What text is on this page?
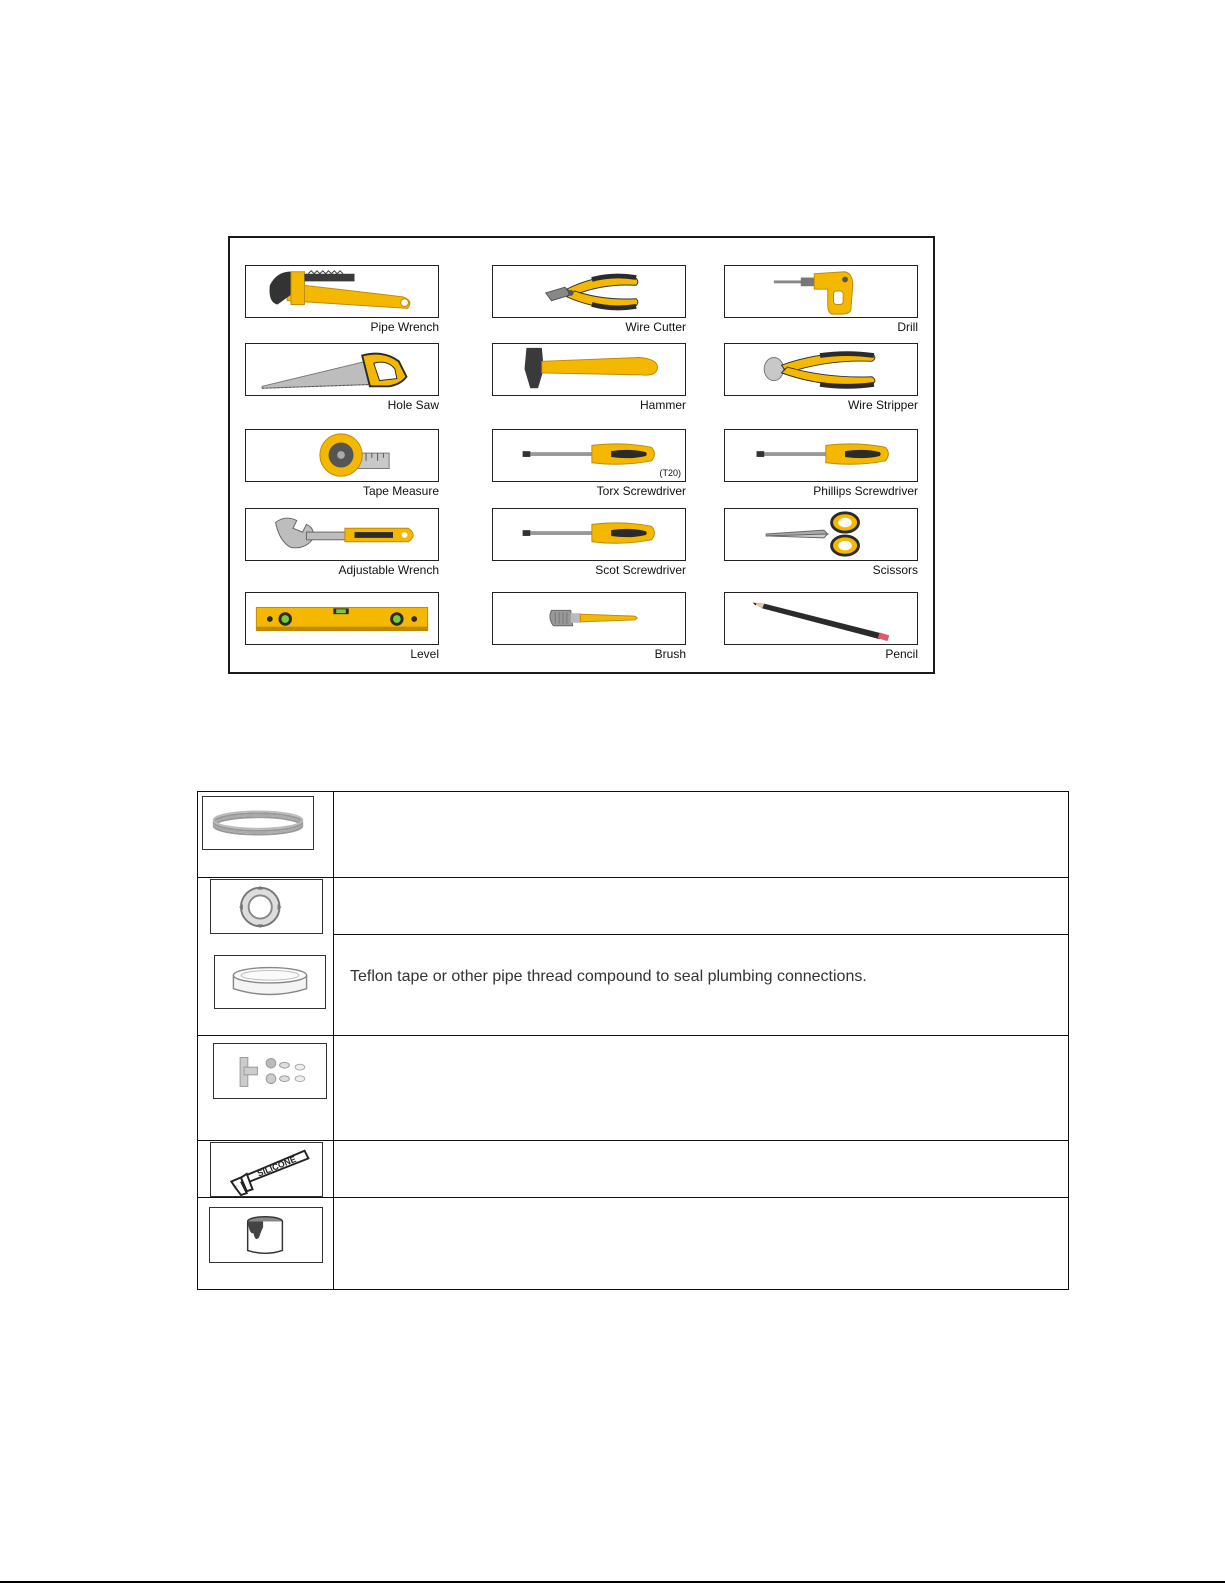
Pipe Wrench	Wire Cutter	Drill
Hole Saw	Hammer	Wire Stripper
Tape Measure
(T20)
Torx Screwdriver	Phillips Screwdriver
Adjustable Wrench	Scot Screwdriver	Scissors
Level	Brush	Pencil
Teflon tape or other pipe thread compound to seal plumbing connections.
SILICONE
